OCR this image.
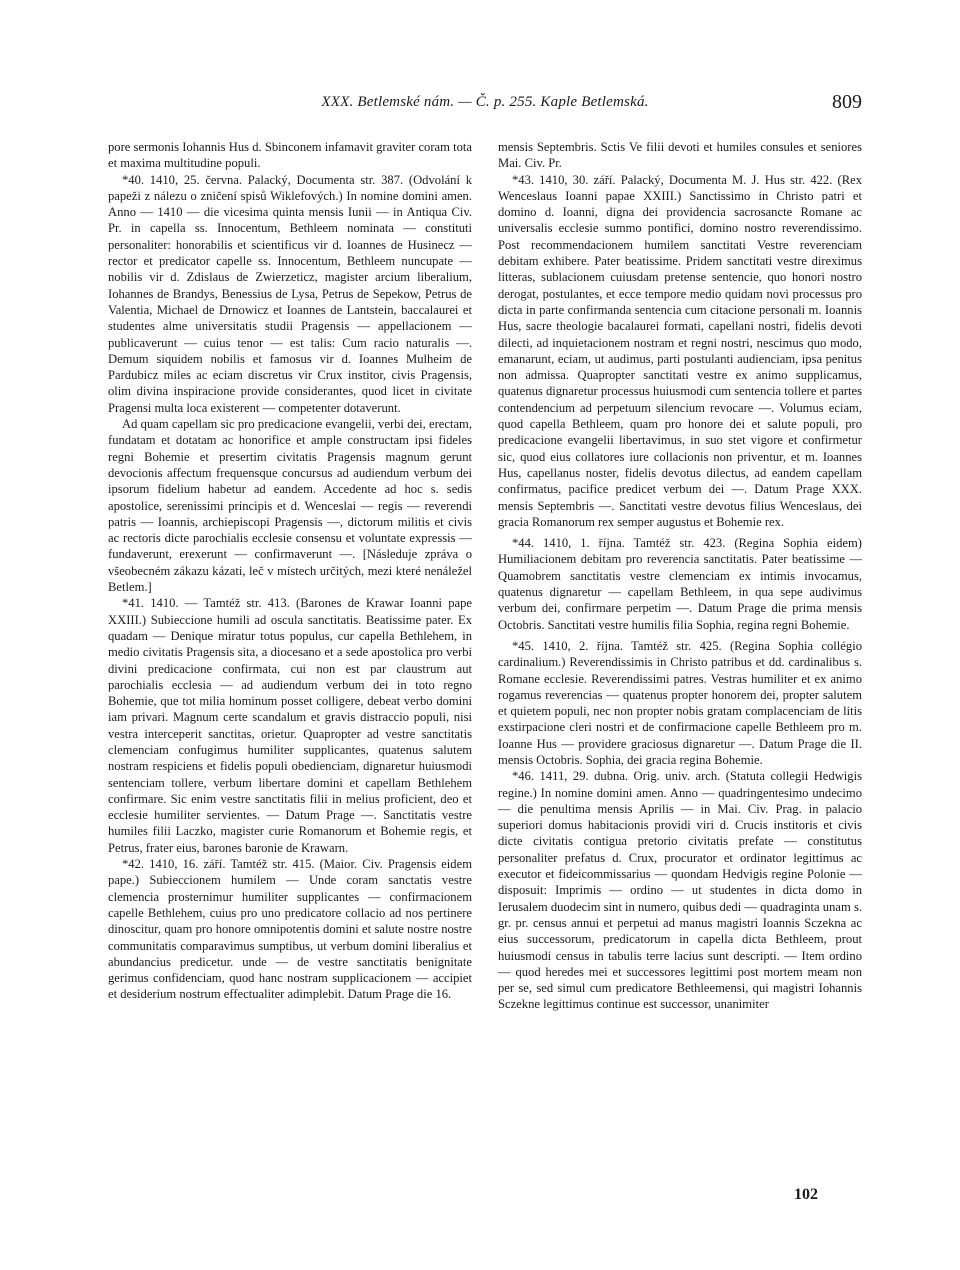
XXX. Betlemské nám. — Č. p. 255. Kaple Betlemská.	809

pore sermonis Iohannis Hus d. Sbinconem infamavit graviter coram tota et maxima multitudine populi.

*40. 1410, 25. června. Palacký, Documenta str. 387. (Odvolání k papeži z nálezu o zničení spisů Wiklefových.) In nomine domini amen. Anno — 1410 — die vicesima quinta mensis Iunii — in Antiqua Civ. Pr. in capella ss. Innocentum, Bethleem nominata — constituti personaliter: honorabilis et scientificus vir d. Ioannes de Husinecz — rector et predicator capelle ss. Innocentum, Bethleem nuncupate — nobilis vir d. Zdislaus de Zwierzeticz, magister arcium liberalium, Iohannes de Brandys, Benessius de Lysa, Petrus de Sepekow, Petrus de Valentia, Michael de Drnowicz et Ioannes de Lantstein, baccalaurei et studentes alme universitatis studii Pragensis — appellacionem — publicaverunt — cuius tenor — est talis: Cum racio naturalis —. Demum siquidem nobilis et famosus vir d. Ioannes Mulheim de Pardubicz miles ac eciam discretus vir Crux institor, civis Pragensis, olim divina inspiracione provide considerantes, quod licet in civitate Pragensi multa loca existerent — competenter dotaverunt.

Ad quam capellam sic pro predicacione evangelii, verbi dei, erectam, fundatam et dotatam ac honorifice et ample constructam ipsi fideles regni Bohemie et presertim civitatis Pragensis magnum gerunt devocionis affectum frequensque concursus ad audiendum verbum dei ipsorum fidelium habetur ad eandem. Accedente ad hoc s. sedis apostolice, serenissimi principis et d. Wenceslai — regis — reverendi patris — Ioannis, archiepiscopi Pragensis —, dictorum militis et civis ac rectoris dicte parochialis ecclesie consensu et voluntate expressis — fundaverunt, erexerunt — confirmaverunt —. [Následuje zpráva o všeobecném zákazu kázati, leč v místech určitých, mezi které nenáležel Betlem.]

*41. 1410. — Tamtéž str. 413. (Barones de Krawar Ioanni pape XXIII.) Subieccione humili ad oscula sanctitatis. Beatissime pater. Ex quadam — Denique miratur totus populus, cur capella Bethlehem, in medio civitatis Pragensis sita, a diocesano et a sede apostolica pro verbi divini predicacione confirmata, cui non est par claustrum aut parochialis ecclesia — ad audiendum verbum dei in toto regno Bohemie, que tot milia hominum posset colligere, debeat verbo domini iam privari. Magnum certe scandalum et gravis distraccio populi, nisi vestra interceperit sanctitas, orietur. Quapropter ad vestre sanctitatis clemenciam confugimus humiliter supplicantes, quatenus salutem nostram respiciens et fidelis populi obedienciam, dignaretur huiusmodi sentenciam tollere, verbum libertare domini et capellam Bethlehem confirmare. Sic enim vestre sanctitatis filii in melius proficient, deo et ecclesie humiliter servientes. — Datum Prage —. Sanctitatis vestre humiles filii Laczko, magister curie Romanorum et Bohemie regis, et Petrus, frater eius, barones baronie de Krawarn.

*42. 1410, 16. září. Tamtéž str. 415. (Maior. Civ. Pragensis eidem pape.) Subieccionem humilem — Unde coram sanctatis vestre clemencia prosternimur humiliter supplicantes — confirmacionem capelle Bethlehem, cuius pro uno predicatore collacio ad nos pertinere dinoscitur, quam pro honore omnipotentis domini et salute nostre nostre communitatis comparavimus sumptibus, ut verbum domini liberalius et abundancius predicetur. unde — de vestre sanctitatis benignitate gerimus confidenciam, quod hanc nostram supplicacionem — accipiet et desiderium nostrum effectualiter adimplebit. Datum Prage die 16.

mensis Septembris. Sctis Ve filii devoti et humiles consules et seniores Mai. Civ. Pr.

*43. 1410, 30. září. Palacký, Documenta M. J. Hus str. 422. (Rex Wenceslaus Ioanni papae XXIII.) Sanctissimo in Christo patri et domino d. Ioanni, digna dei providencia sacrosancte Romane ac universalis ecclesie summo pontifici, domino nostro reverendissimo. Post recommendacionem humilem sanctitati Vestre reverenciam debitam exhibere. Pater beatissime. Pridem sanctitati vestre direximus litteras, sublacionem cuiusdam pretense sentencie, quo honori nostro derogat, postulantes, et ecce tempore medio quidam novi processus pro dicta in parte confirmanda sentencia cum citacione personali m. Ioannis Hus, sacre theologie bacalaurei formati, capellani nostri, fidelis devoti dilecti, ad inquietacionem nostram et regni nostri, nescimus quo modo, emanarunt, eciam, ut audimus, parti postulanti audienciam, ipsa penitus non admissa. Quapropter sanctitati vestre ex animo supplicamus, quatenus dignaretur processus huiusmodi cum sentencia tollere et partes contendencium ad perpetuum silencium revocare —. Volumus eciam, quod capella Bethleem, quam pro honore dei et salute populi, pro predicacione evangelii libertavimus, in suo stet vigore et confirmetur sic, quod eius collatores iure collacionis non priventur, et m. Ioannes Hus, capellanus noster, fidelis devotus dilectus, ad eandem capellam confirmatus, pacifice predicet verbum dei —. Datum Prage XXX. mensis Septembris —. Sanctitati vestre devotus filius Wenceslaus, dei gracia Romanorum rex semper augustus et Bohemie rex.

*44. 1410, 1. října. Tamtéž str. 423. (Regina Sophia eidem) Humiliacionem debitam pro reverencia sanctitatis. Pater beatissime — Quamobrem sanctitatis vestre clemenciam ex intimis invocamus, quatenus dignaretur — capellam Bethleem, in qua sepe audivimus verbum dei, confirmare perpetim —. Datum Prage die prima mensis Octobris. Sanctitati vestre humilis filia Sophia, regina regni Bohemie.

*45. 1410, 2. října. Tamtéž str. 425. (Regina Sophia collégio cardinalium.) Reverendissimis in Christo patribus et dd. cardinalibus s. Romane ecclesie. Reverendissimi patres. Vestras humiliter et ex animo rogamus reverencias — quatenus propter honorem dei, propter salutem et quietem populi, nec non propter nobis gratam complacenciam de litis exstirpacione cleri nostri et de confirmacione capelle Bethleem pro m. Ioanne Hus — providere graciosus dignaretur —. Datum Prage die II. mensis Octobris. Sophia, dei gracia regina Bohemie.

*46. 1411, 29. dubna. Orig. univ. arch. (Statuta collegii Hedwigis regine.) In nomine domini amen. Anno — quadringentesimo undecimo — die penultima mensis Aprilis — in Mai. Civ. Prag. in palacio superiori domus habitacionis providi viri d. Crucis institoris et civis dicte civitatis contigua pretorio civitatis prefate — constitutus personaliter prefatus d. Crux, procurator et ordinator legittimus ac executor et fideicommissarius — quondam Hedvigis regine Polonie — disposuit: Imprimis — ordino — ut studentes in dicta domo in Ierusalem duodecim sint in numero, quibus dedi — quadraginta unam s. gr. pr. census annui et perpetui ad manus magistri Ioannis Sczekna ac eius successorum, predicatorum in capella dicta Bethleem, prout huiusmodi census in tabulis terre lacius sunt descripti. — Item ordino — quod heredes mei et successores legittimi post mortem meam non per se, sed simul cum predicatore Bethleemensi, qui magistri Iohannis Sczekne legittimus continue est successor, unanimiter

102
